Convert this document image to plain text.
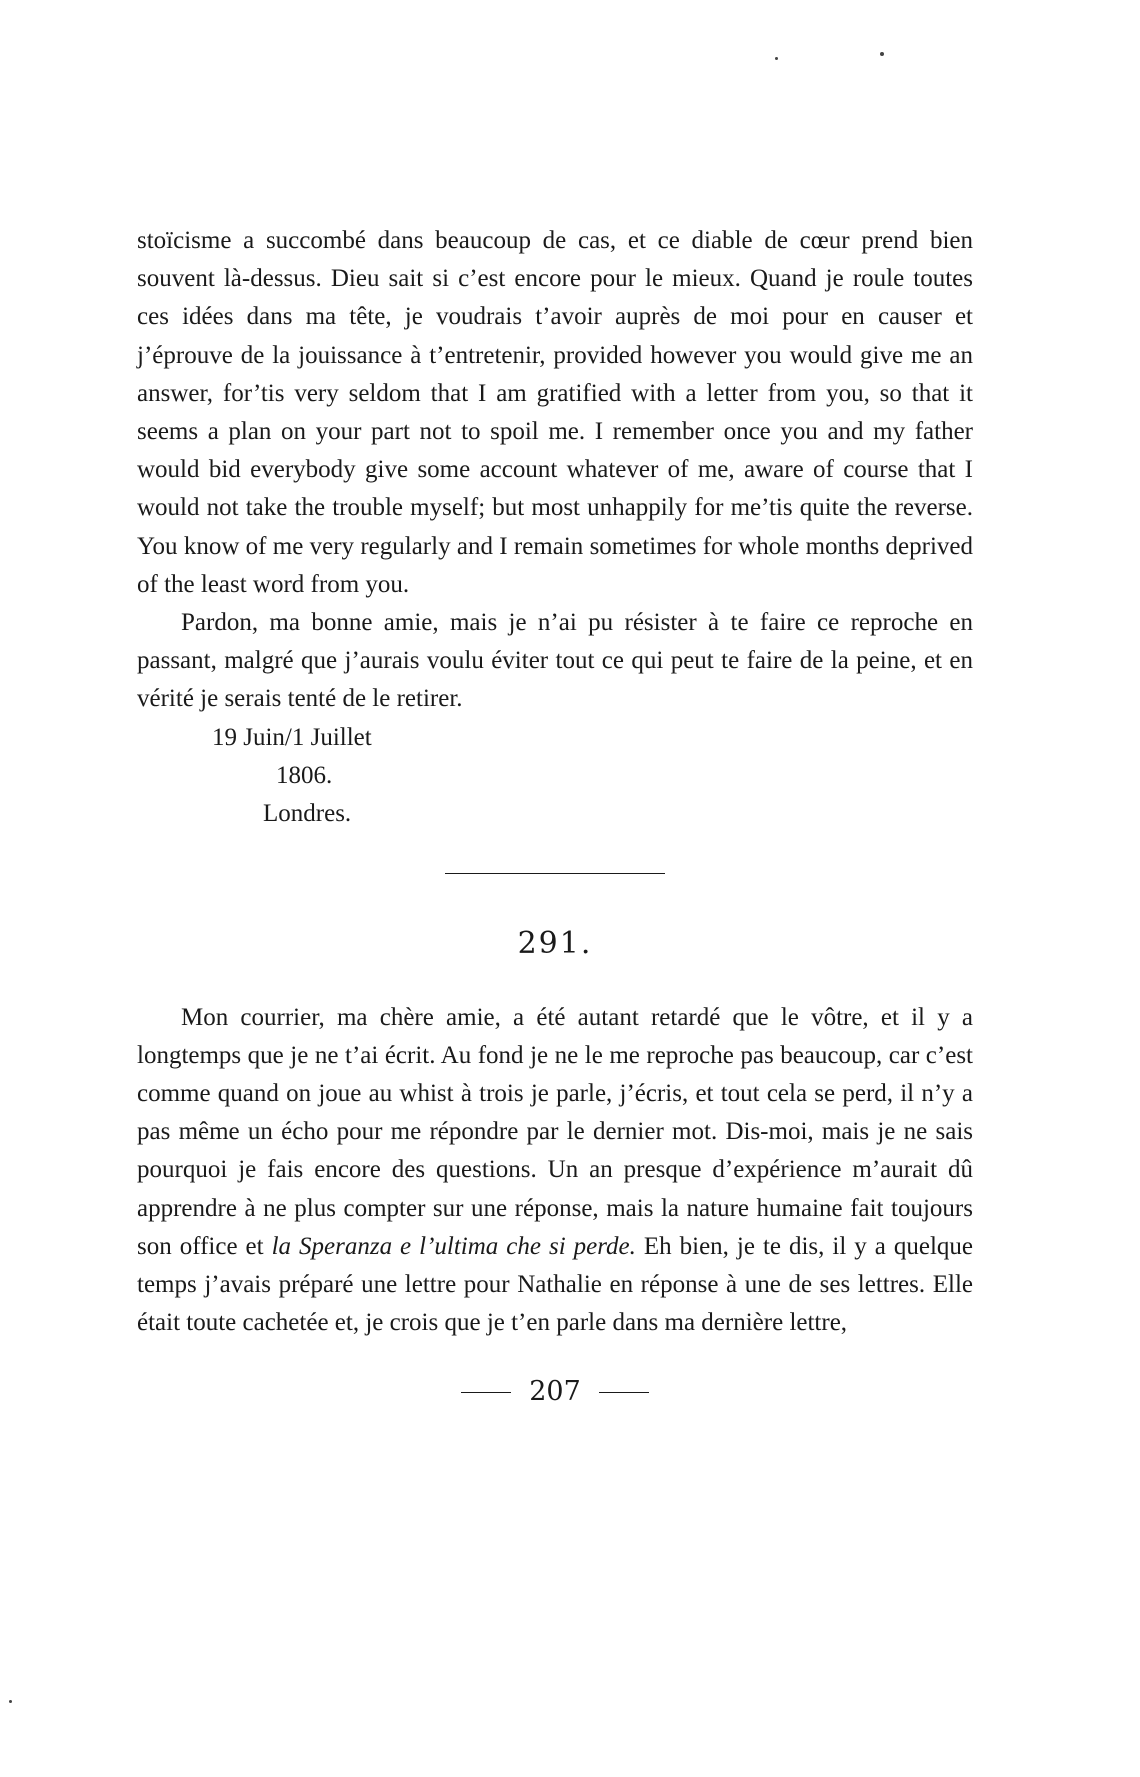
stoïcisme a succombé dans beaucoup de cas, et ce diable de cœur prend bien souvent là-dessus. Dieu sait si c’est encore pour le mieux. Quand je roule toutes ces idées dans ma tête, je voudrais t’avoir auprès de moi pour en causer et j’éprouve de la jouissance à t’entretenir, provided however you would give me an answer, for’tis very seldom that I am gratified with a letter from you, so that it seems a plan on your part not to spoil me. I remember once you and my father would bid everybody give some account whatever of me, aware of course that I would not take the trouble myself; but most unhappily for me’tis quite the reverse. You know of me very regularly and I remain sometimes for whole months deprived of the least word from you.

Pardon, ma bonne amie, mais je n’ai pu résister à te faire ce reproche en passant, malgré que j’aurais voulu éviter tout ce qui peut te faire de la peine, et en vérité je serais tenté de le retirer.

19 Juin/1 Juillet

1806.

Londres.

291.

Mon courrier, ma chère amie, a été autant retardé que le vôtre, et il y a longtemps que je ne t’ai écrit. Au fond je ne le me reproche pas beaucoup, car c’est comme quand on joue au whist à trois je parle, j’écris, et tout cela se perd, il n’y a pas même un écho pour me répondre par le dernier mot. Dis-moi, mais je ne sais pourquoi je fais encore des questions. Un an presque d’expérience m’aurait dû apprendre à ne plus compter sur une réponse, mais la nature humaine fait toujours son office et la Speranza e l’ultima che si perde. Eh bien, je te dis, il y a quelque temps j’avais préparé une lettre pour Nathalie en réponse à une de ses lettres. Elle était toute cachetée et, je crois que je t’en parle dans ma dernière lettre,

207
